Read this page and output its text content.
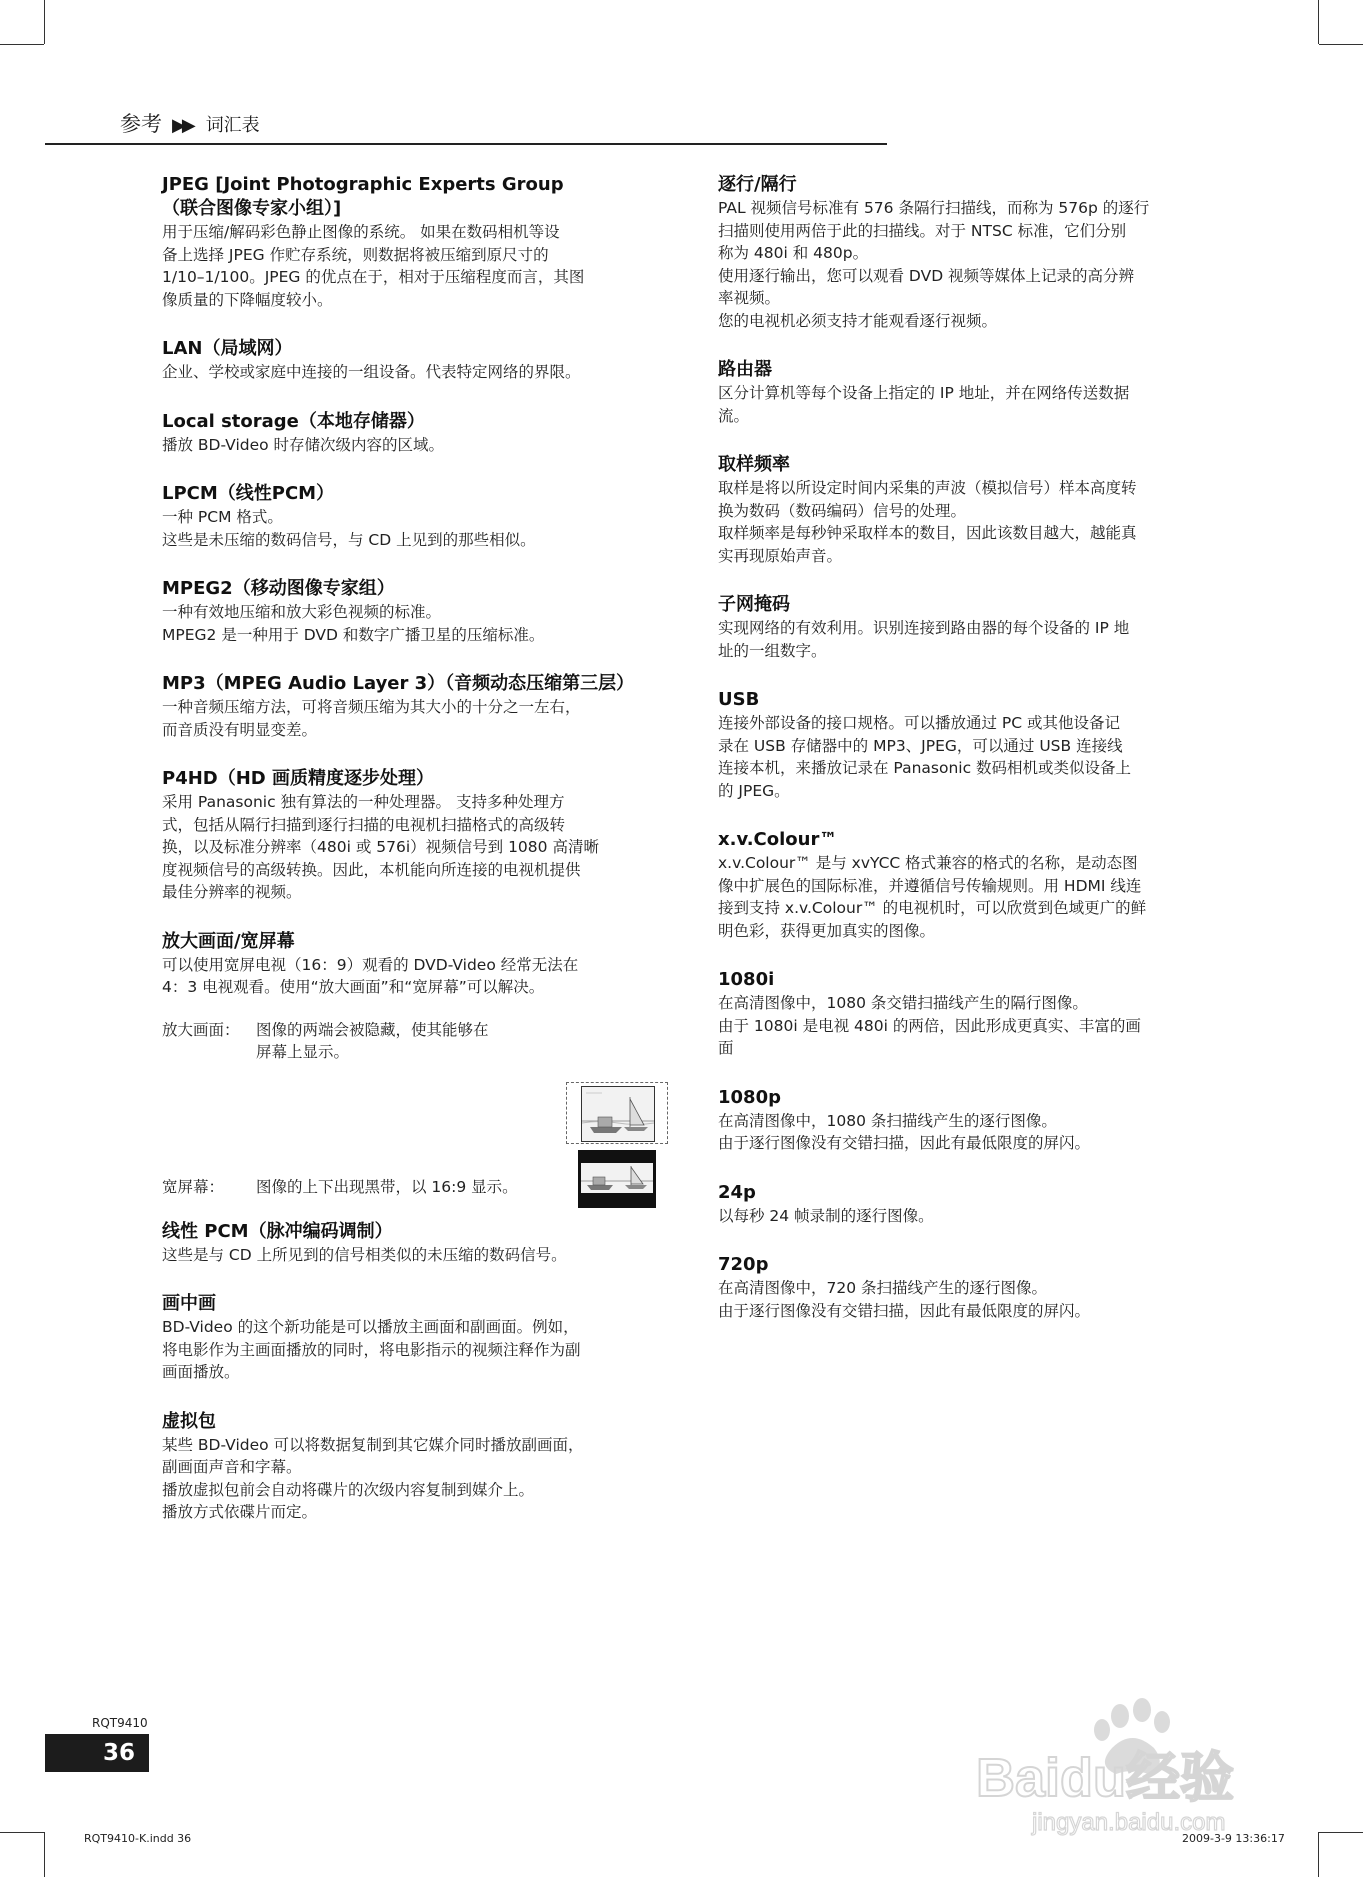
参考 ▶▶ 词汇表
JPEG [Joint Photographic Experts Group
（联合图像专家小组）]

用于压缩/解码彩色静止图像的系统。 如果在数码相机等设

备上选择 JPEG 作贮存系统，则数据将被压缩到原尺寸的

1/10–1/100。JPEG 的优点在于，相对于压缩程度而言，其图

像质量的下降幅度较小。

LAN（局域网）

企业、学校或家庭中连接的一组设备。代表特定网络的界限。

Local storage（本地存储器）

播放 BD-Video 时存储次级内容的区域。

LPCM（线性PCM）

一种 PCM 格式。

这些是未压缩的数码信号，与 CD 上见到的那些相似。

MPEG2（移动图像专家组）

一种有效地压缩和放大彩色视频的标准。

MPEG2 是一种用于 DVD 和数字广播卫星的压缩标准。

MP3（MPEG Audio Layer 3）（音频动态压缩第三层）

一种音频压缩方法，可将音频压缩为其大小的十分之一左右，

而音质没有明显变差。

P4HD（HD 画质精度逐步处理）

采用 Panasonic 独有算法的一种处理器。 支持多种处理方

式，包括从隔行扫描到逐行扫描的电视机扫描格式的高级转

换，以及标准分辨率（480i 或 576i）视频信号到 1080 高清晰

度视频信号的高级转换。因此，本机能向所连接的电视机提供

最佳分辨率的视频。

放大画面/宽屏幕

可以使用宽屏电视（16：9）观看的 DVD-Video 经常无法在

4：3 电视观看。使用“放大画面”和“宽屏幕”可以解决。

放大画面：	图像的两端会被隐藏，使其能够在
屏幕上显示。
宽屏幕：	图像的上下出现黑带，以 16:9 显示。
线性 PCM（脉冲编码调制）

这些是与 CD 上所见到的信号相类似的未压缩的数码信号。

画中画

BD-Video 的这个新功能是可以播放主画面和副画面。例如，

将电影作为主画面播放的同时，将电影指示的视频注释作为副

画面播放。

虚拟包

某些 BD-Video 可以将数据复制到其它媒介同时播放副画面，

副画面声音和字幕。

播放虚拟包前会自动将碟片的次级内容复制到媒介上。

播放方式依碟片而定。

逐行/隔行

PAL 视频信号标准有 576 条隔行扫描线，而称为 576p 的逐行

扫描则使用两倍于此的扫描线。对于 NTSC 标准，它们分别

称为 480i 和 480p。

使用逐行输出，您可以观看 DVD 视频等媒体上记录的高分辨

率视频。

您的电视机必须支持才能观看逐行视频。

路由器

区分计算机等每个设备上指定的 IP 地址，并在网络传送数据

流。

取样频率

取样是将以所设定时间内采集的声波（模拟信号）样本高度转

换为数码（数码编码）信号的处理。

取样频率是每秒钟采取样本的数目，因此该数目越大，越能真

实再现原始声音。

子网掩码

实现网络的有效利用。识别连接到路由器的每个设备的 IP 地

址的一组数字。

USB

连接外部设备的接口规格。可以播放通过 PC 或其他设备记

录在 USB 存储器中的 MP3、JPEG，可以通过 USB 连接线

连接本机，来播放记录在 Panasonic 数码相机或类似设备上

的 JPEG。

x.v.Colour™

x.v.Colour™ 是与 xvYCC 格式兼容的格式的名称，是动态图

像中扩展色的国际标准，并遵循信号传输规则。用 HDMI 线连

接到支持 x.v.Colour™ 的电视机时，可以欣赏到色域更广的鲜

明色彩，获得更加真实的图像。

1080i

在高清图像中，1080 条交错扫描线产生的隔行图像。

由于 1080i 是电视 480i 的两倍，因此形成更真实、丰富的画

面

1080p

在高清图像中，1080 条扫描线产生的逐行图像。

由于逐行图像没有交错扫描，因此有最低限度的屏闪。

24p

以每秒 24 帧录制的逐行图像。

720p

在高清图像中，720 条扫描线产生的逐行图像。

由于逐行图像没有交错扫描，因此有最低限度的屏闪。

RQT9410
36
RQT9410-K.indd 36	2009-3-9 13:36:17
Baidu经验
jingyan.baidu.com
